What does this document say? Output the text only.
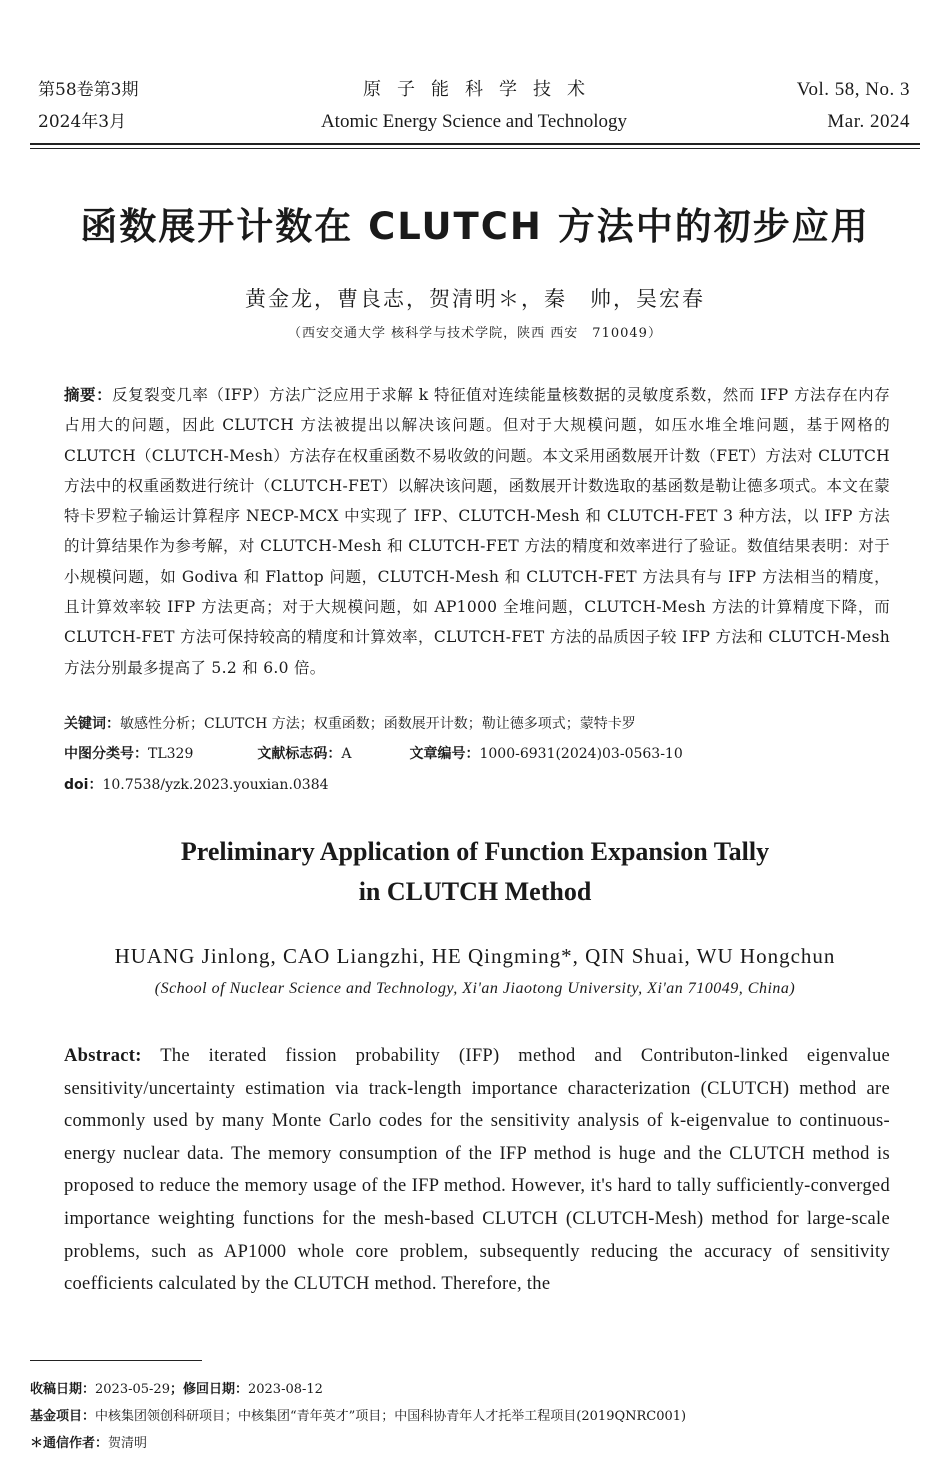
第58卷第3期
2024年3月
原子能科学技术
Atomic Energy Science and Technology
Vol. 58, No. 3
Mar. 2024
函数展开计数在 CLUTCH 方法中的初步应用
黄金龙，曹良志，贺清明＊，秦　帅，吴宏春
（西安交通大学 核科学与技术学院，陕西 西安　710049）
摘要：反复裂变几率（IFP）方法广泛应用于求解 k 特征值对连续能量核数据的灵敏度系数，然而 IFP 方法存在内存占用大的问题，因此 CLUTCH 方法被提出以解决该问题。但对于大规模问题，如压水堆全堆问题，基于网格的 CLUTCH（CLUTCH-Mesh）方法存在权重函数不易收敛的问题。本文采用函数展开计数（FET）方法对 CLUTCH 方法中的权重函数进行统计（CLUTCH-FET）以解决该问题，函数展开计数选取的基函数是勒让德多项式。本文在蒙特卡罗粒子输运计算程序 NECP-MCX 中实现了 IFP、CLUTCH-Mesh 和 CLUTCH-FET 3 种方法，以 IFP 方法的计算结果作为参考解，对 CLUTCH-Mesh 和 CLUTCH-FET 方法的精度和效率进行了验证。数值结果表明：对于小规模问题，如 Godiva 和 Flattop 问题，CLUTCH-Mesh 和 CLUTCH-FET 方法具有与 IFP 方法相当的精度，且计算效率较 IFP 方法更高；对于大规模问题，如 AP1000 全堆问题，CLUTCH-Mesh 方法的计算精度下降，而 CLUTCH-FET 方法可保持较高的精度和计算效率，CLUTCH-FET 方法的品质因子较 IFP 方法和 CLUTCH-Mesh 方法分别最多提高了 5.2 和 6.0 倍。
关键词：敏感性分析；CLUTCH 方法；权重函数；函数展开计数；勒让德多项式；蒙特卡罗
中图分类号：TL329	文献标志码：A	文章编号：1000-6931(2024)03-0563-10
doi：10.7538/yzk.2023.youxian.0384
Preliminary Application of Function Expansion Tally
in CLUTCH Method
HUANG Jinlong, CAO Liangzhi, HE Qingming*, QIN Shuai, WU Hongchun
(School of Nuclear Science and Technology, Xi'an Jiaotong University, Xi'an 710049, China)
Abstract: The iterated fission probability (IFP) method and Contributon-linked eigenvalue sensitivity/uncertainty estimation via track-length importance characterization (CLUTCH) method are commonly used by many Monte Carlo codes for the sensitivity analysis of k-eigenvalue to continuous-energy nuclear data. The memory consumption of the IFP method is huge and the CLUTCH method is proposed to reduce the memory usage of the IFP method. However, it's hard to tally sufficiently-converged importance weighting functions for the mesh-based CLUTCH (CLUTCH-Mesh) method for large-scale problems, such as AP1000 whole core problem, subsequently reducing the accuracy of sensitivity coefficients calculated by the CLUTCH method. Therefore, the
收稿日期：2023-05-29；修回日期：2023-08-12
基金项目：中核集团领创科研项目；中核集团“青年英才”项目；中国科协青年人才托举工程项目(2019QNRC001)
＊通信作者：贺清明
